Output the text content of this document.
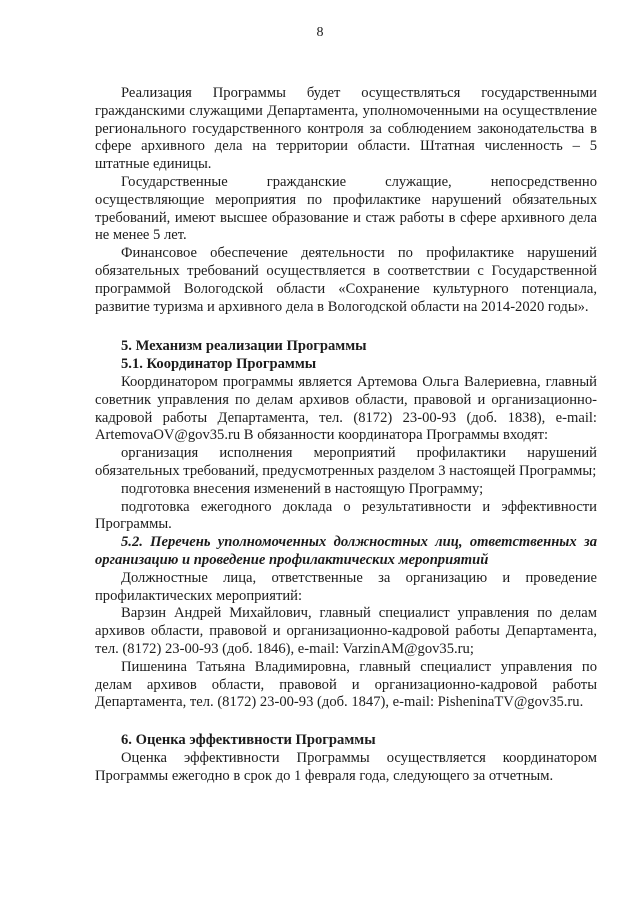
8

Реализация Программы будет осуществляться государственными гражданскими служащими Департамента, уполномоченными на осуществление регионального государственного контроля за соблюдением законодательства в сфере архивного дела на территории области. Штатная численность – 5 штатные единицы.

Государственные гражданские служащие, непосредственно осуществляющие мероприятия по профилактике нарушений обязательных требований, имеют высшее образование и стаж работы в сфере архивного дела не менее 5 лет.

Финансовое обеспечение деятельности по профилактике нарушений обязательных требований осуществляется в соответствии с Государственной программой Вологодской области «Сохранение культурного потенциала, развитие туризма и архивного дела в Вологодской области на 2014-2020 годы».

5. Механизм реализации Программы
5.1. Координатор Программы

Координатором программы является Артемова Ольга Валериевна, главный советник управления по делам архивов области, правовой и организационно-кадровой работы Департамента, тел. (8172) 23-00-93 (доб. 1838), e-mail: ArtemovaOV@gov35.ru В обязанности координатора Программы входят:

организация исполнения мероприятий профилактики нарушений обязательных требований, предусмотренных разделом 3 настоящей Программы;

подготовка внесения изменений в настоящую Программу;

подготовка ежегодного доклада о результативности и эффективности Программы.

5.2. Перечень уполномоченных должностных лиц, ответственных за организацию и проведение профилактических мероприятий

Должностные лица, ответственные за организацию и проведение профилактических мероприятий:

Варзин Андрей Михайлович, главный специалист управления по делам архивов области, правовой и организационно-кадровой работы Департамента, тел. (8172) 23-00-93 (доб. 1846), e-mail: VarzinAM@gov35.ru;

Пишенина Татьяна Владимировна, главный специалист управления по делам архивов области, правовой и организационно-кадровой работы Департамента, тел. (8172) 23-00-93 (доб. 1847), e-mail: PisheninaTV@gov35.ru.

6. Оценка эффективности Программы

Оценка эффективности Программы осуществляется координатором Программы ежегодно в срок до 1 февраля года, следующего за отчетным.
